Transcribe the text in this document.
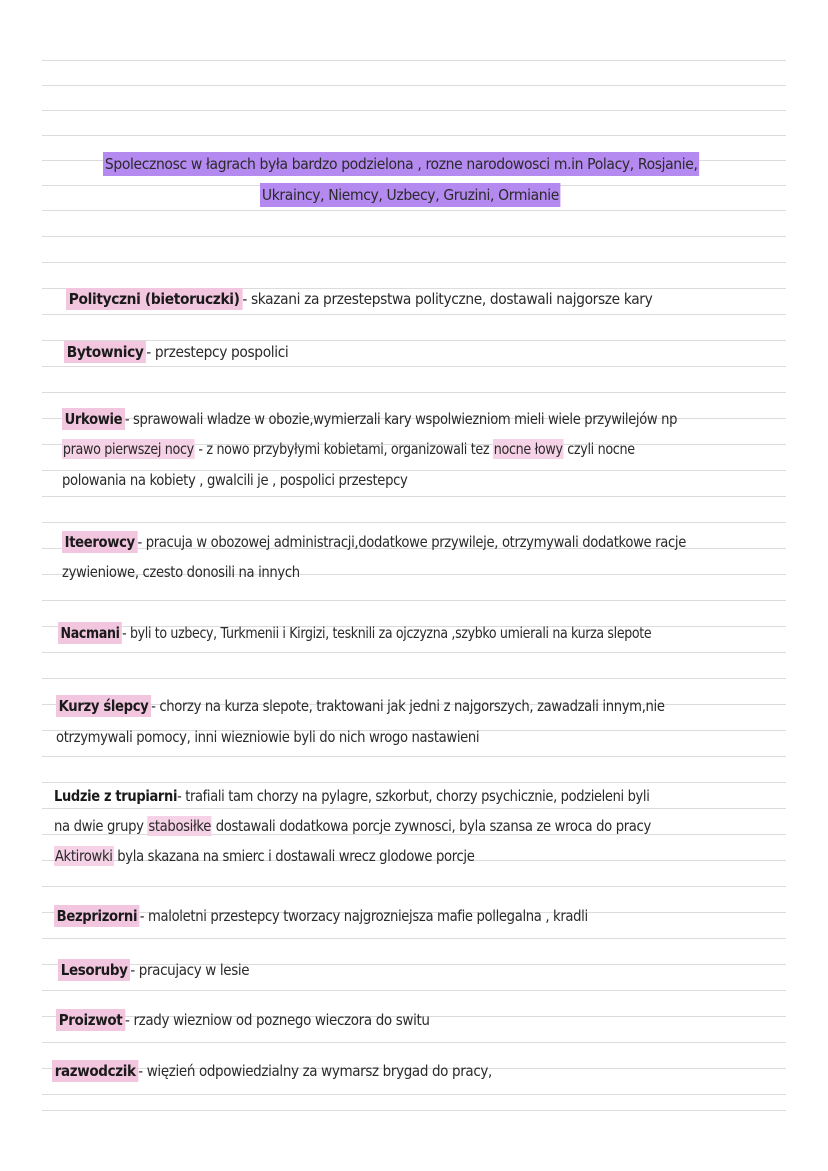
Spolecznosc w łagrach była bardzo podzielona , rozne narodowosci m.in Polacy, Rosjanie,
Ukraincy, Niemcy, Uzbecy, Gruzini, Ormianie
Polityczni (bietoruczki) - skazani za przestepstwa polityczne, dostawali najgorsze kary
Bytownicy - przestepcy pospolici
Urkowie - sprawowali wladze w obozie,wymierzali kary wspolwiezniom mieli wiele przywilejów np
prawo pierwszej nocy - z nowo przybyłymi kobietami, organizowali tez nocne łowy czyli nocne
polowania na kobiety , gwalcili je , pospolici przestepcy
Iteerowcy - pracuja w obozowej administracji,dodatkowe przywileje, otrzymywali dodatkowe racje
zywieniowe, czesto donosili na innych
Nacmani - byli to uzbecy, Turkmenii i Kirgizi, tesknili za ojczyzna ,szybko umierali na kurza slepote
Kurzy ślepcy - chorzy na kurza slepote, traktowani jak jedni z najgorszych, zawadzali innym,nie
otrzymywali pomocy, inni wiezniowie byli do nich wrogo nastawieni
Ludzie z trupiarni- trafiali tam chorzy na pylagre, szkorbut, chorzy psychicznie, podzieleni byli
na dwie grupy stabosiłke dostawali dodatkowa porcje zywnosci, byla szansa ze wroca do pracy
Aktirowki byla skazana na smierc i dostawali wrecz glodowe porcje
Bezprizorni - maloletni przestepcy tworzacy najgrozniejsza mafie pollegalna , kradli
Lesoruby - pracujacy w lesie
Proizwot - rzady wiezniow od poznego wieczora do switu
razwodczik - więzień odpowiedzialny za wymarsz brygad do pracy,
